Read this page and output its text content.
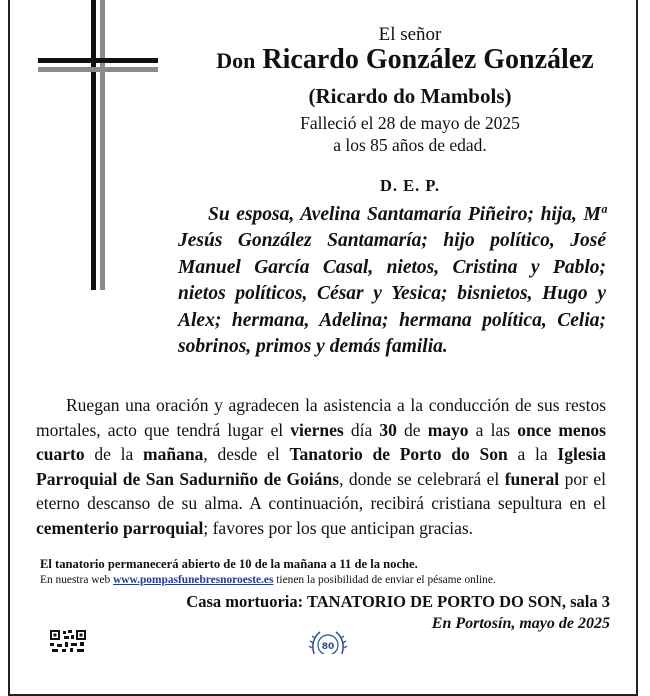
El señor
Don Ricardo González González
(Ricardo do Mambols)
Falleció el 28 de mayo de 2025
a los 85 años de edad.
D. E. P.
Su esposa, Avelina Santamaría Piñeiro; hija, Mª Jesús González Santamaría; hijo político, José Manuel García Casal, nietos, Cristina y Pablo; nietos políticos, César y Yesica; bisnietos, Hugo y Alex; hermana, Adelina; hermana política, Celia; sobrinos, primos y demás familia.
Ruegan una oración y agradecen la asistencia a la conducción de sus restos mortales, acto que tendrá lugar el viernes día 30 de mayo a las once menos cuarto de la mañana, desde el Tanatorio de Porto do Son a la Iglesia Parroquial de San Sadurniño de Goiáns, donde se celebrará el funeral por el eterno descanso de su alma. A continuación, recibirá cristiana sepultura en el cementerio parroquial; favores por los que anticipan gracias.
El tanatorio permanecerá abierto de 10 de la mañana a 11 de la noche.
En nuestra web www.pompasfunebresnoroeste.es tienen la posibilidad de enviar el pésame online.
Casa mortuoria: TANATORIO DE PORTO DO SON, sala 3
En Portosín, mayo de 2025
80
